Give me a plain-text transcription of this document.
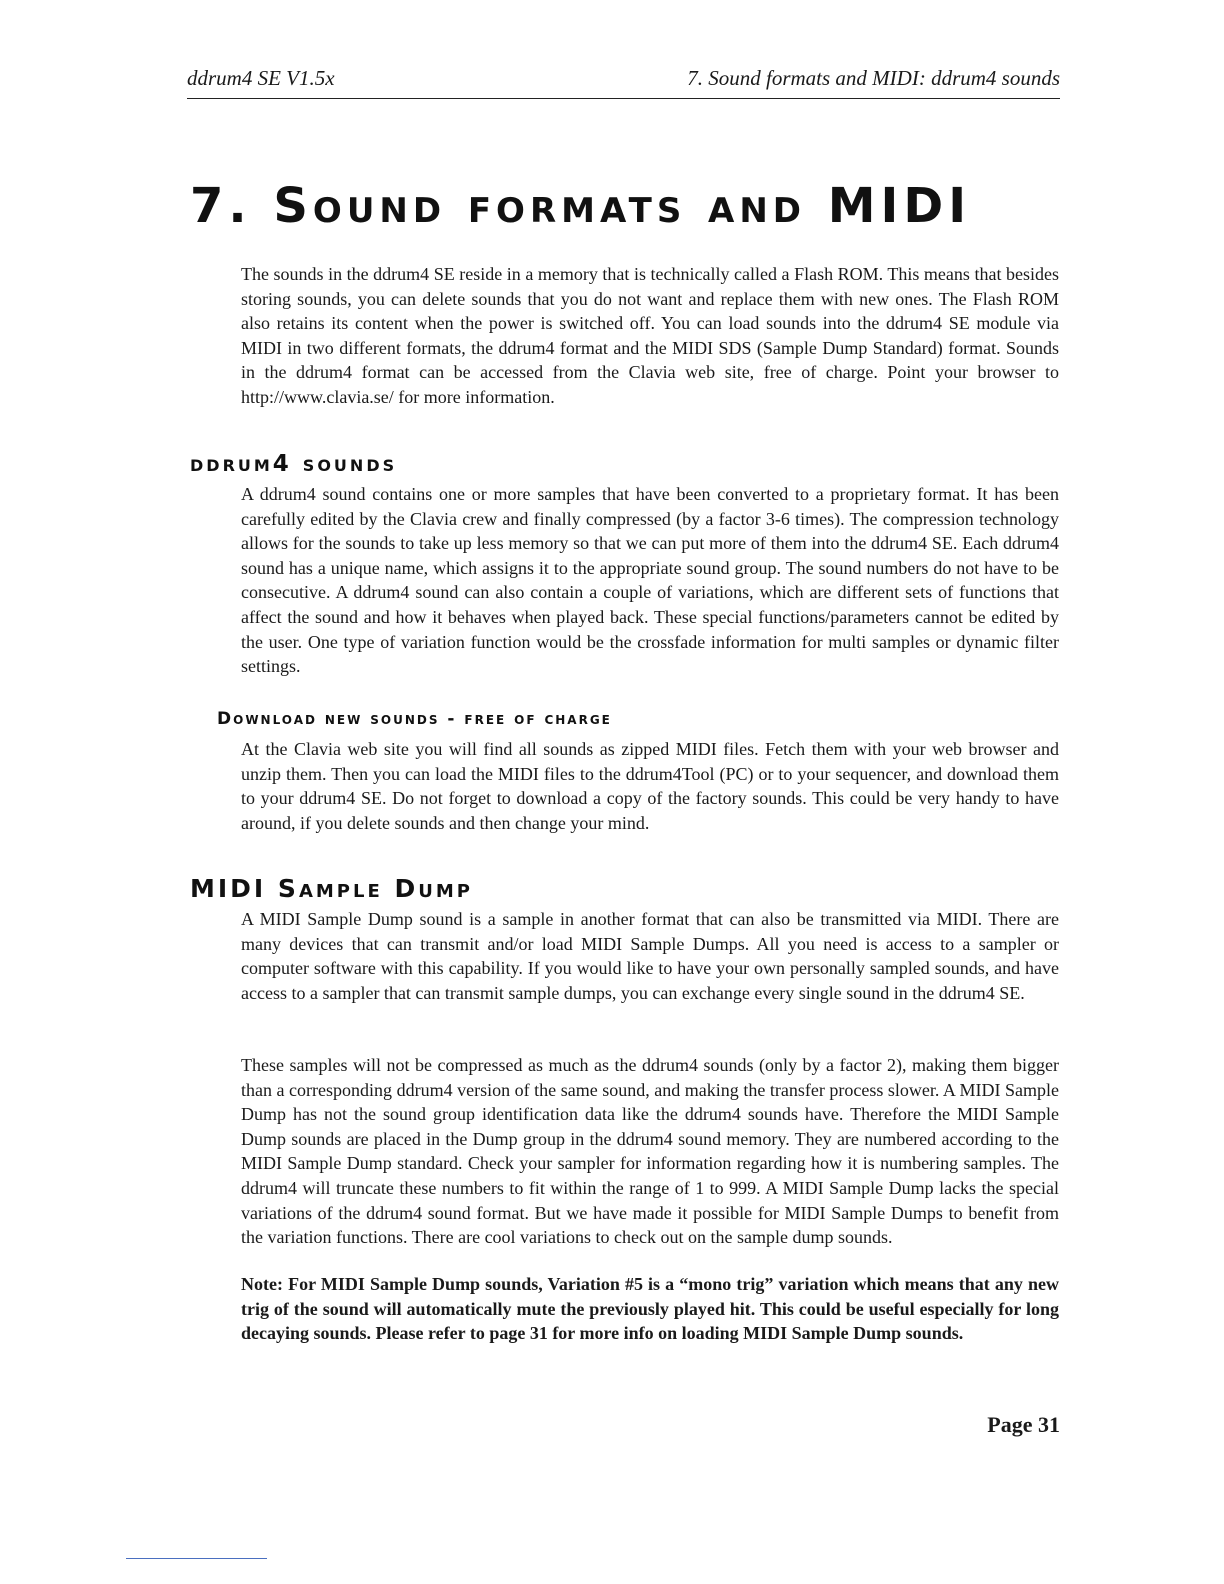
ddrum4 SE V1.5x	7. Sound formats and MIDI: ddrum4 sounds
7. Sound formats and MIDI

The sounds in the ddrum4 SE reside in a memory that is technically called a Flash ROM. This means that besides storing sounds, you can delete sounds that you do not want and replace them with new ones. The Flash ROM also retains its content when the power is switched off. You can load sounds into the ddrum4 SE module via MIDI in two different formats, the ddrum4 format and the MIDI SDS (Sample Dump Standard) format. Sounds in the ddrum4 format can be accessed from the Clavia web site, free of charge. Point your browser to http://www.clavia.se/ for more information.

ddrum4 sounds

A ddrum4 sound contains one or more samples that have been converted to a proprietary format. It has been carefully edited by the Clavia crew and finally compressed (by a factor 3-6 times). The compression technology allows for the sounds to take up less memory so that we can put more of them into the ddrum4 SE. Each ddrum4 sound has a unique name, which assigns it to the appropriate sound group. The sound numbers do not have to be consecutive. A ddrum4 sound can also contain a couple of variations, which are different sets of functions that affect the sound and how it behaves when played back. These special functions/parameters cannot be edited by the user. One type of variation function would be the crossfade information for multi samples or dynamic filter settings.

Download new sounds - free of charge

At the Clavia web site you will find all sounds as zipped MIDI files. Fetch them with your web browser and unzip them. Then you can load the MIDI files to the ddrum4Tool (PC) or to your sequencer, and download them to your ddrum4 SE. Do not forget to download a copy of the factory sounds. This could be very handy to have around, if you delete sounds and then change your mind.

MIDI Sample Dump

A MIDI Sample Dump sound is a sample in another format that can also be transmitted via MIDI. There are many devices that can transmit and/or load MIDI Sample Dumps. All you need is access to a sampler or computer software with this capability. If you would like to have your own personally sampled sounds, and have access to a sampler that can transmit sample dumps, you can exchange every single sound in the ddrum4 SE.

These samples will not be compressed as much as the ddrum4 sounds (only by a factor 2), making them bigger than a corresponding ddrum4 version of the same sound, and making the transfer process slower. A MIDI Sample Dump has not the sound group identification data like the ddrum4 sounds have. Therefore the MIDI Sample Dump sounds are placed in the Dump group in the ddrum4 sound memory. They are numbered according to the MIDI Sample Dump standard. Check your sampler for information regarding how it is numbering samples. The ddrum4 will truncate these numbers to fit within the range of 1 to 999. A MIDI Sample Dump lacks the special variations of the ddrum4 sound format. But we have made it possible for MIDI Sample Dumps to benefit from the variation functions. There are cool variations to check out on the sample dump sounds.

Note: For MIDI Sample Dump sounds, Variation #5 is a “mono trig” variation which means that any new trig of the sound will automatically mute the previously played hit. This could be useful especially for long decaying sounds. Please refer to page 31 for more info on loading MIDI Sample Dump sounds.

Page 31
